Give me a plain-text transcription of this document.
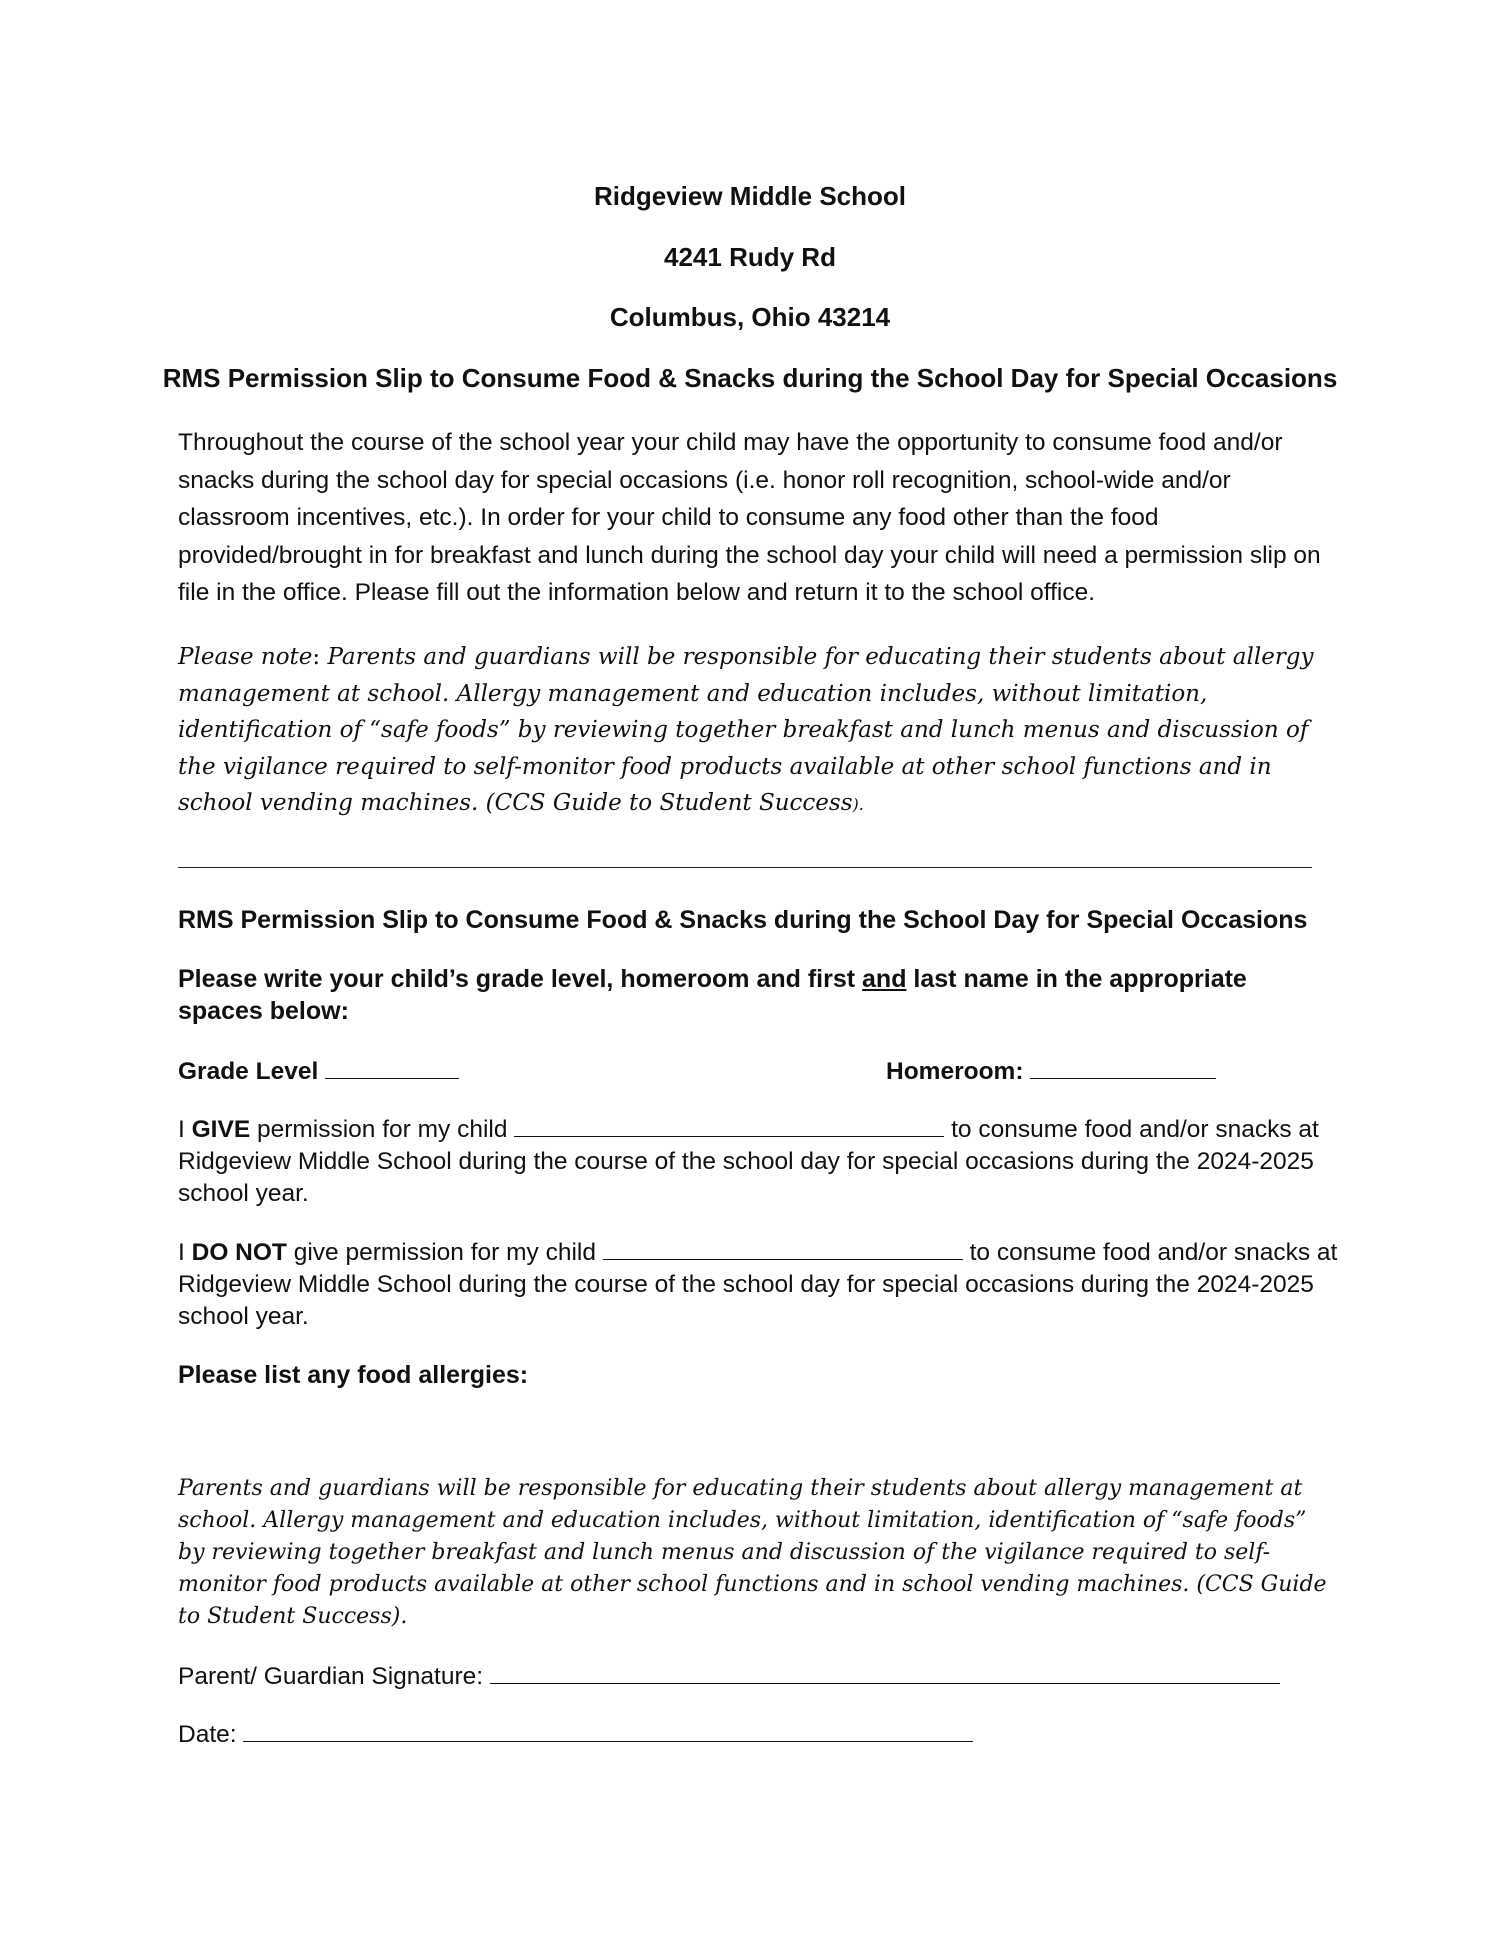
Ridgeview Middle School
4241 Rudy Rd
Columbus, Ohio 43214
RMS Permission Slip to Consume Food & Snacks during the School Day for Special Occasions
Throughout the course of the school year your child may have the opportunity to consume food and/or snacks during the school day for special occasions (i.e. honor roll recognition, school-wide and/or classroom incentives, etc.). In order for your child to consume any food other than the food provided/brought in for breakfast and lunch during the school day your child will need a permission slip on file in the office. Please fill out the information below and return it to the school office.
Please note: Parents and guardians will be responsible for educating their students about allergy management at school. Allergy management and education includes, without limitation, identification of “safe foods” by reviewing together breakfast and lunch menus and discussion of the vigilance required to self-monitor food products available at other school functions and in school vending machines. (CCS Guide to Student Success).
RMS Permission Slip to Consume Food & Snacks during the School Day for Special Occasions
Please write your child’s grade level, homeroom and first and last name in the appropriate spaces below:
Grade Level	Homeroom:
I GIVE permission for my child	to consume food and/or snacks at Ridgeview Middle School during the course of the school day for special occasions during the 2024-2025 school year.
I DO NOT give permission for my child	to consume food and/or snacks at Ridgeview Middle School during the course of the school day for special occasions during the 2024-2025 school year.
Please list any food allergies:
Parents and guardians will be responsible for educating their students about allergy management at school. Allergy management and education includes, without limitation, identification of “safe foods” by reviewing together breakfast and lunch menus and discussion of the vigilance required to self-monitor food products available at other school functions and in school vending machines. (CCS Guide to Student Success).
Parent/ Guardian Signature:
Date:
